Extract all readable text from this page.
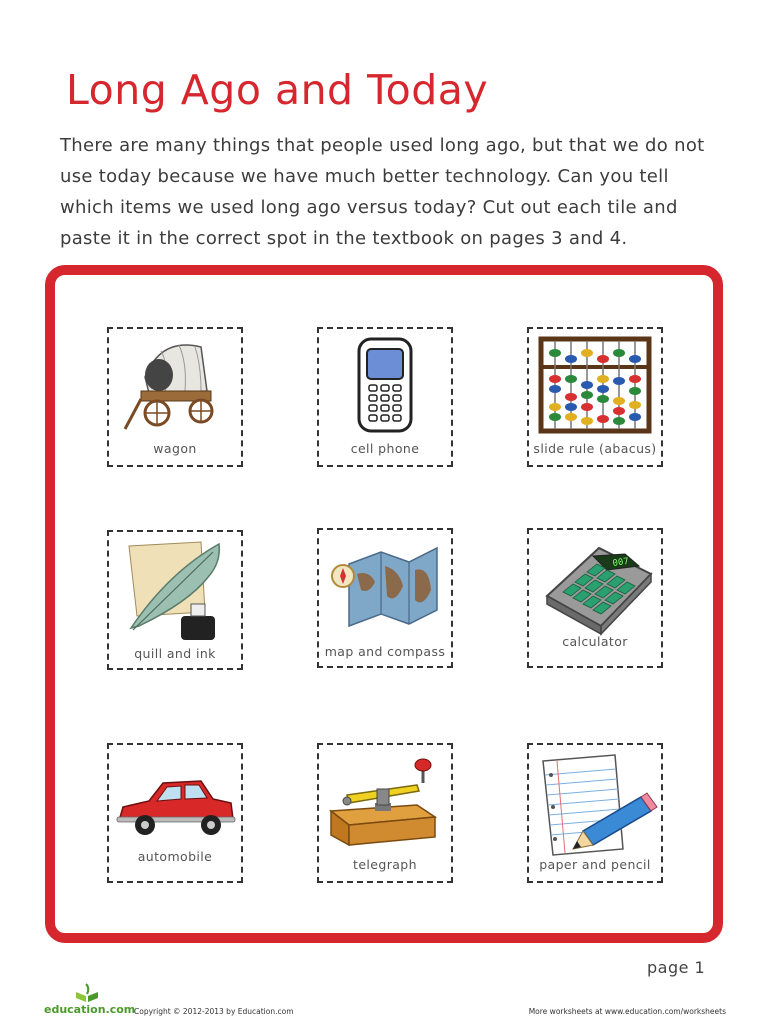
Long Ago and Today

There are many things that people used long ago, but that we do not use today because we have much better technology. Can you tell which items we used long ago versus today? Cut out each tile and paste it in the correct spot in the textbook on pages 3 and 4.

wagon	cell phone	slide rule (abacus)
quill and ink	map and compass
007
calculator
automobile
telegraph	paper and pencil
page 1
education.com
Copyright © 2012-2013 by Education.com	More worksheets at www.education.com/worksheets
